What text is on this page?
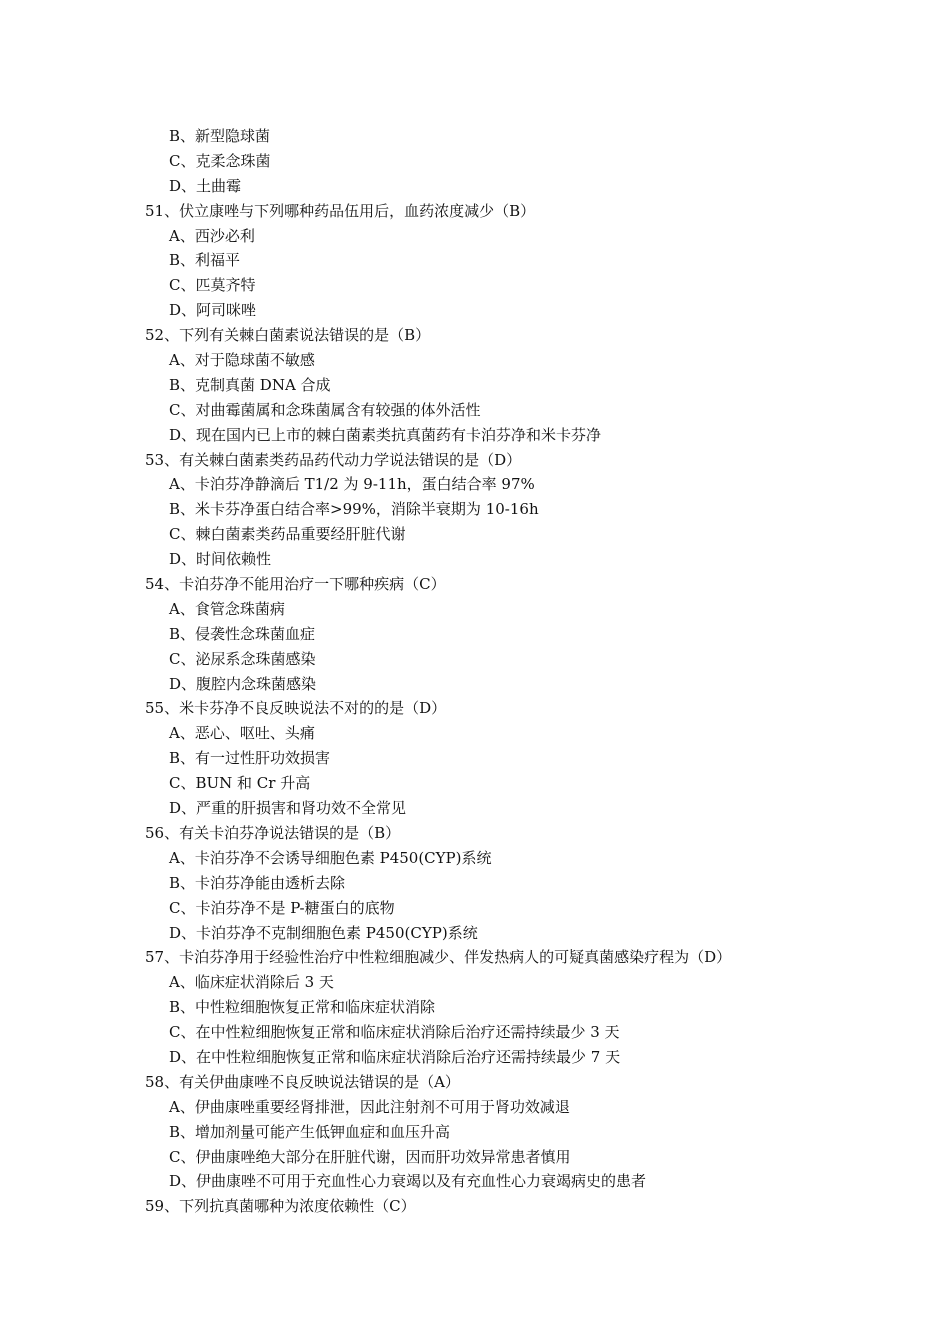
B、新型隐球菌
C、克柔念珠菌
D、土曲霉
51、伏立康唑与下列哪种药品伍用后，血药浓度减少（B）
A、西沙必利
B、利福平
C、匹莫齐特
D、阿司咪唑
52、下列有关棘白菌素说法错误的是（B）
A、对于隐球菌不敏感
B、克制真菌 DNA 合成
C、对曲霉菌属和念珠菌属含有较强的体外活性
D、现在国内已上市的棘白菌素类抗真菌药有卡泊芬净和米卡芬净
53、有关棘白菌素类药品药代动力学说法错误的是（D）
A、卡泊芬净静滴后 T1/2 为 9-11h，蛋白结合率 97%
B、米卡芬净蛋白结合率>99%，消除半衰期为 10-16h
C、棘白菌素类药品重要经肝脏代谢
D、时间依赖性
54、卡泊芬净不能用治疗一下哪种疾病（C）
A、食管念珠菌病
B、侵袭性念珠菌血症
C、泌尿系念珠菌感染
D、腹腔内念珠菌感染
55、米卡芬净不良反映说法不对的的是（D）
A、恶心、呕吐、头痛
B、有一过性肝功效损害
C、BUN 和 Cr 升高
D、严重的肝损害和肾功效不全常见
56、有关卡泊芬净说法错误的是（B）
A、卡泊芬净不会诱导细胞色素 P450(CYP)系统
B、卡泊芬净能由透析去除
C、卡泊芬净不是 P-糖蛋白的底物
D、卡泊芬净不克制细胞色素 P450(CYP)系统
57、卡泊芬净用于经验性治疗中性粒细胞减少、伴发热病人的可疑真菌感染疗程为（D）
A、临床症状消除后 3 天
B、中性粒细胞恢复正常和临床症状消除
C、在中性粒细胞恢复正常和临床症状消除后治疗还需持续最少 3 天
D、在中性粒细胞恢复正常和临床症状消除后治疗还需持续最少 7 天
58、有关伊曲康唑不良反映说法错误的是（A）
A、伊曲康唑重要经肾排泄，因此注射剂不可用于肾功效减退
B、增加剂量可能产生低钾血症和血压升高
C、伊曲康唑绝大部分在肝脏代谢，因而肝功效异常患者慎用
D、伊曲康唑不可用于充血性心力衰竭以及有充血性心力衰竭病史的患者
59、下列抗真菌哪种为浓度依赖性（C）
